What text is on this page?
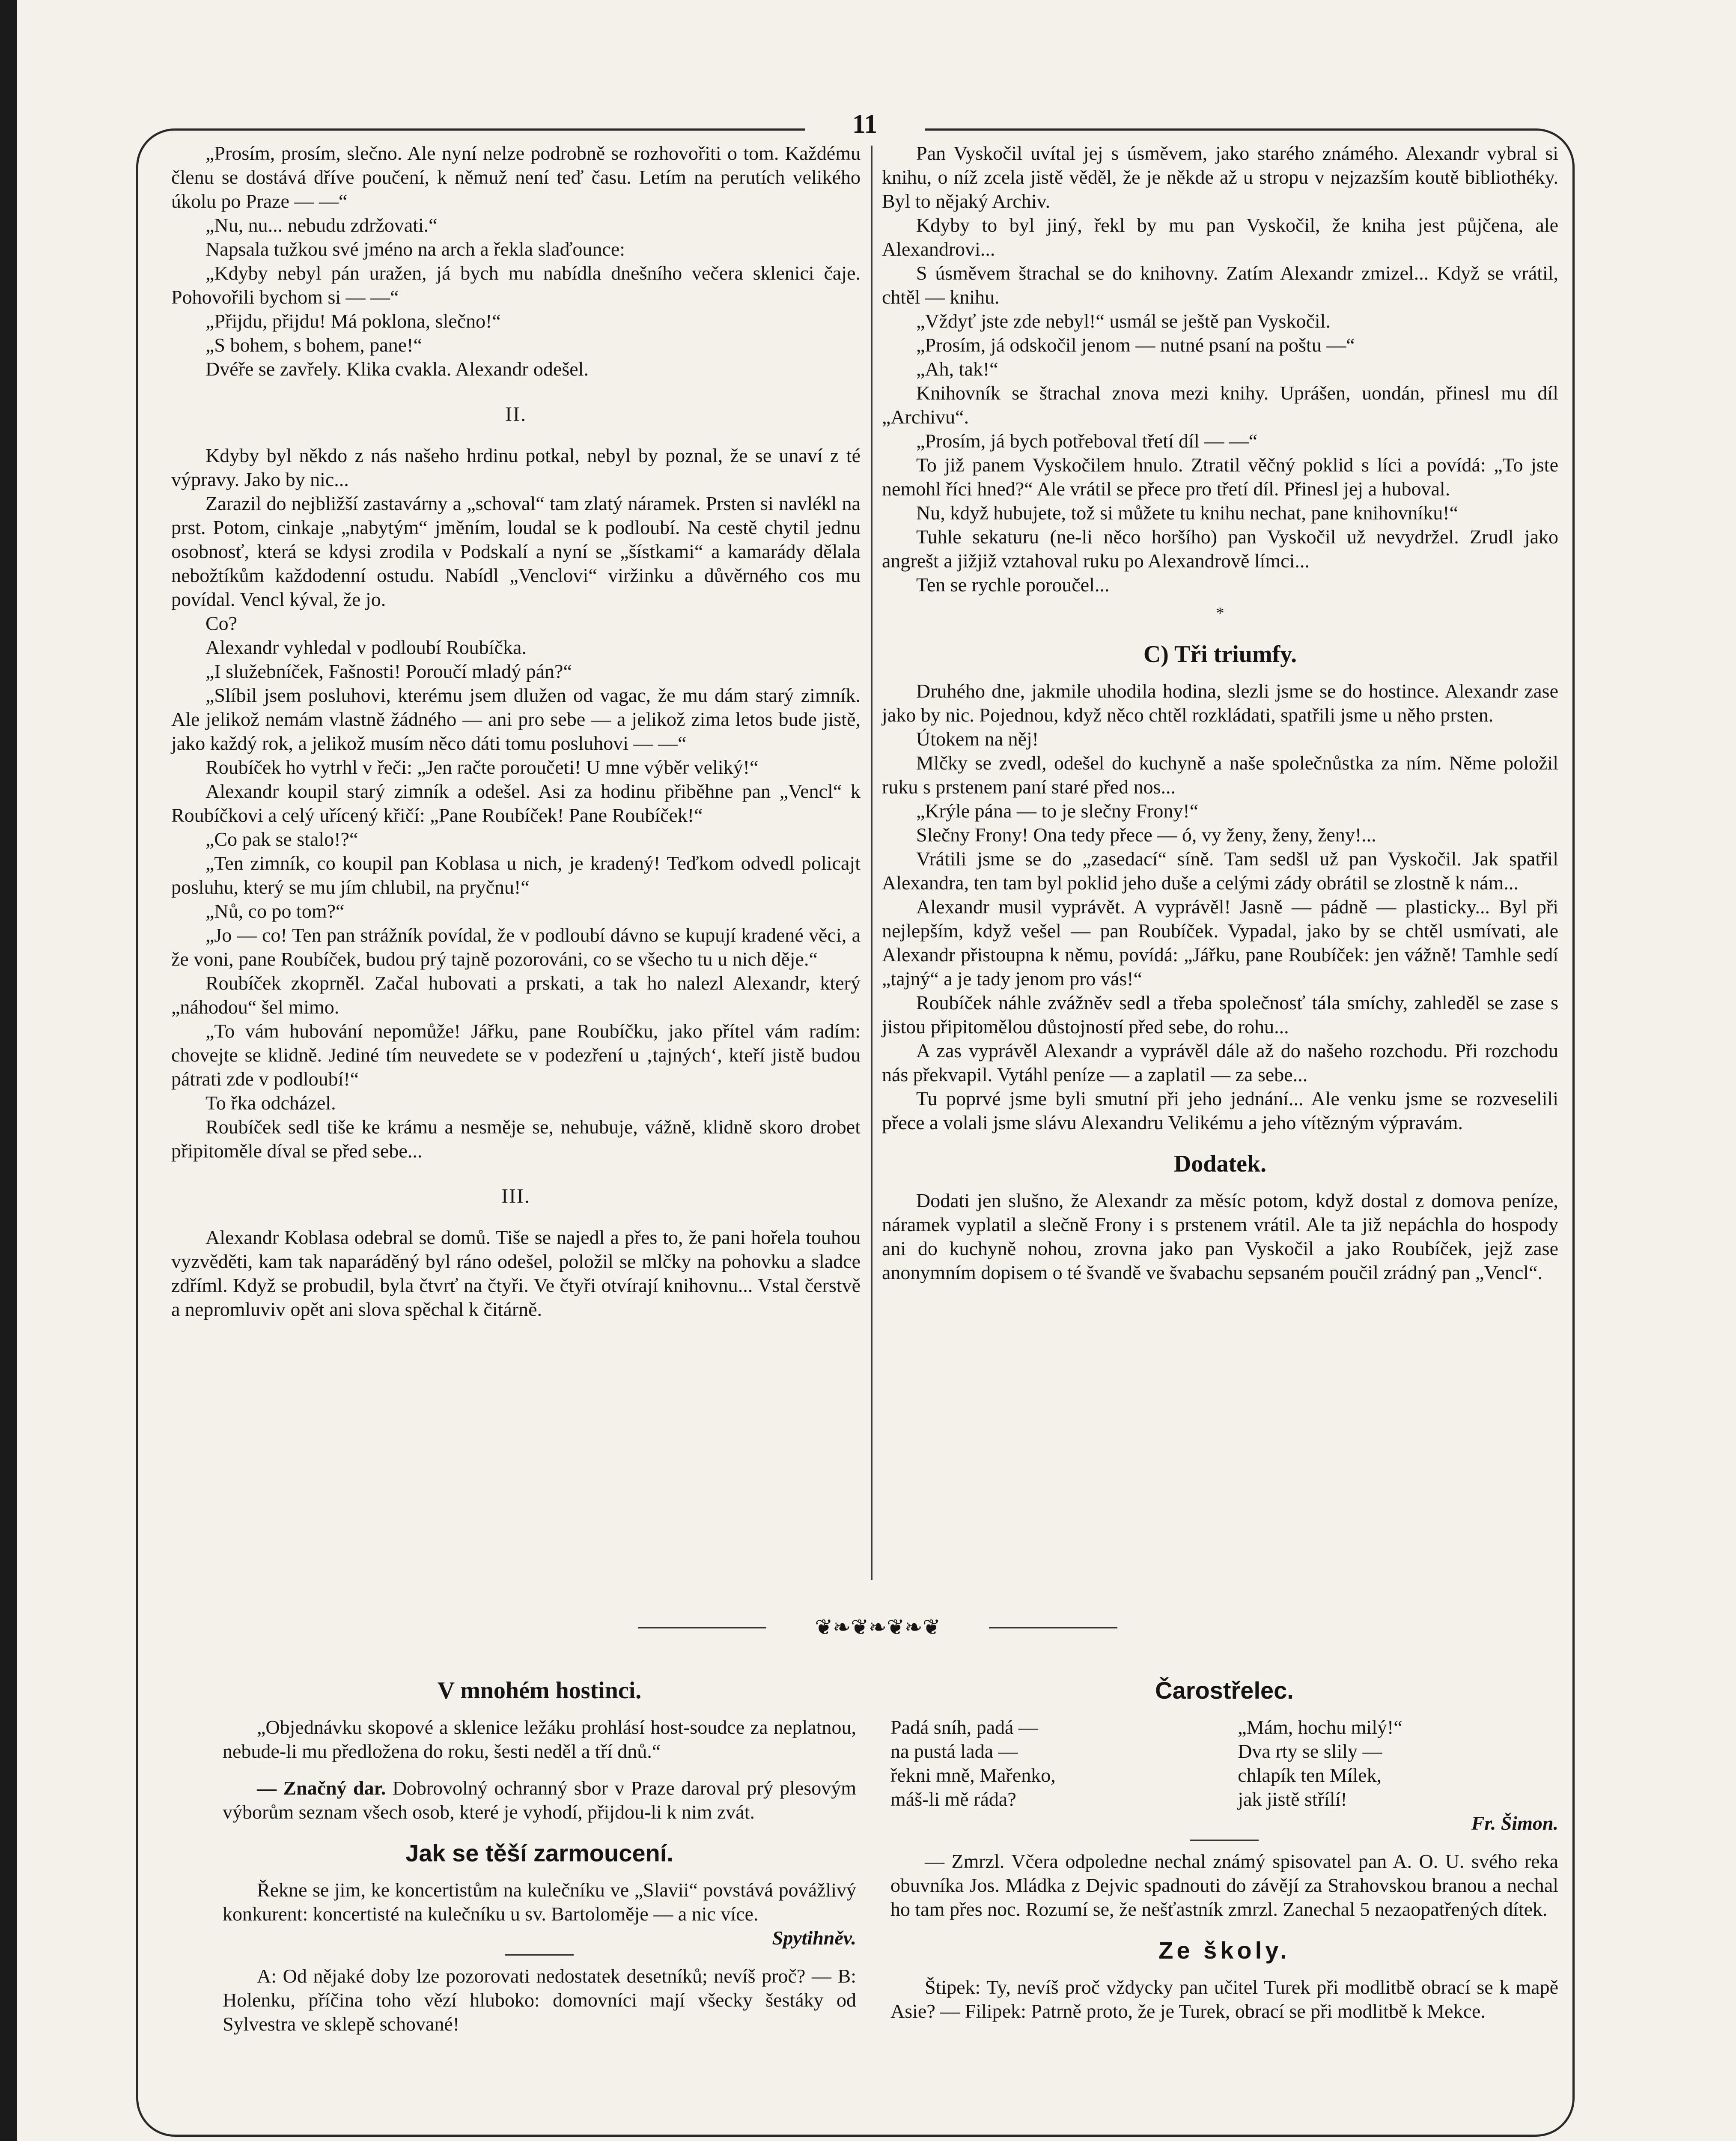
11

„Prosím, prosím, slečno. Ale nyní nelze podrobně se rozhovořiti o tom. Každému členu se dostává dříve poučení, k němuž není teď času. Letím na perutích velikého úkolu po Praze — —“

„Nu, nu... nebudu zdržovati.“

Napsala tužkou své jméno na arch a řekla slaďounce:

„Kdyby nebyl pán uražen, já bych mu nabídla dnešního večera sklenici čaje. Pohovořili bychom si — —“

„Přijdu, přijdu! Má poklona, slečno!“

„S bohem, s bohem, pane!“

Dvéře se zavřely. Klika cvakla. Alexandr odešel.

II.

Kdyby byl někdo z nás našeho hrdinu potkal, nebyl by poznal, že se unaví z té výpravy. Jako by nic...

Zarazil do nejbližší zastavárny a „schoval“ tam zlatý náramek. Prsten si navlékl na prst. Potom, cinkaje „nabytým“ jměním, loudal se k podloubí. Na cestě chytil jednu osobnosť, která se kdysi zrodila v Podskalí a nyní se „šístkami“ a kamarády dělala nebožtíkům každodenní ostudu. Nabídl „Venclovi“ viržinku a důvěrného cos mu povídal. Vencl kýval, že jo.

Co?

Alexandr vyhledal v podloubí Roubíčka.

„I služebníček, Fašnosti! Poroučí mladý pán?“

„Slíbil jsem posluhovi, kterému jsem dlužen od vagac, že mu dám starý zimník. Ale jelikož nemám vlastně žádného — ani pro sebe — a jelikož zima letos bude jistě, jako každý rok, a jelikož musím něco dáti tomu posluhovi — —“

Roubíček ho vytrhl v řeči: „Jen račte poroučeti! U mne výběr veliký!“

Alexandr koupil starý zimník a odešel. Asi za hodinu přiběhne pan „Vencl“ k Roubíčkovi a celý uřícený křičí: „Pane Roubíček! Pane Roubíček!“

„Co pak se stalo!?“

„Ten zimník, co koupil pan Koblasa u nich, je kradený! Teďkom odvedl policajt posluhu, který se mu jím chlubil, na pryčnu!“

„Nů, co po tom?“

„Jo — co! Ten pan strážník povídal, že v podloubí dávno se kupují kradené věci, a že voni, pane Roubíček, budou prý tajně pozorováni, co se všecho tu u nich děje.“

Roubíček zkoprněl. Začal hubovati a prskati, a tak ho nalezl Alexandr, který „náhodou“ šel mimo.

„To vám hubování nepomůže! Jářku, pane Roubíčku, jako přítel vám radím: chovejte se klidně. Jediné tím neuvedete se v podezření u ‚tajných‘, kteří jistě budou pátrati zde v podloubí!“

To řka odcházel.

Roubíček sedl tiše ke krámu a nesměje se, nehubuje, vážně, klidně skoro drobet připitoměle díval se před sebe...

III.

Alexandr Koblasa odebral se domů. Tiše se najedl a přes to, že pani hořela touhou vyzvěděti, kam tak naparáděný byl ráno odešel, položil se mlčky na pohovku a sladce zdříml. Když se probudil, byla čtvrť na čtyři. Ve čtyři otvírají knihovnu... Vstal čerstvě a nepromluviv opět ani slova spěchal k čitárně.

Pan Vyskočil uvítal jej s úsměvem, jako starého známého. Alexandr vybral si knihu, o níž zcela jistě věděl, že je někde až u stropu v nejzazším koutě bibliothéky. Byl to nějaký Archiv.

Kdyby to byl jiný, řekl by mu pan Vyskočil, že kniha jest půjčena, ale Alexandrovi...

S úsměvem štrachal se do knihovny. Zatím Alexandr zmizel... Když se vrátil, chtěl — knihu.

„Vždyť jste zde nebyl!“ usmál se ještě pan Vyskočil.

„Prosím, já odskočil jenom — nutné psaní na poštu —“

„Ah, tak!“

Knihovník se štrachal znova mezi knihy. Uprášen, uondán, přinesl mu díl „Archivu“.

„Prosím, já bych potřeboval třetí díl — —“

To již panem Vyskočilem hnulo. Ztratil věčný poklid s líci a povídá: „To jste nemohl říci hned?“ Ale vrátil se přece pro třetí díl. Přinesl jej a huboval.

Nu, když hubujete, tož si můžete tu knihu nechat, pane knihovníku!“

Tuhle sekaturu (ne-li něco horšího) pan Vyskočil už nevydržel. Zrudl jako angrešt a jižjiž vztahoval ruku po Alexandrově límci...

Ten se rychle poroučel...

*

C) Tři triumfy.

Druhého dne, jakmile uhodila hodina, slezli jsme se do hostince. Alexandr zase jako by nic. Pojednou, když něco chtěl rozkládati, spatřili jsme u něho prsten.

Útokem na něj!

Mlčky se zvedl, odešel do kuchyně a naše společnůstka za ním. Něme položil ruku s prstenem paní staré před nos...

„Krýle pána — to je slečny Frony!“

Slečny Frony! Ona tedy přece — ó, vy ženy, ženy, ženy!...

Vrátili jsme se do „zasedací“ síně. Tam sedšl už pan Vyskočil. Jak spatřil Alexandra, ten tam byl poklid jeho duše a celými zády obrátil se zlostně k nám...

Alexandr musil vyprávět. A vyprávěl! Jasně — pádně — plasticky... Byl při nejlepším, když vešel — pan Roubíček. Vypadal, jako by se chtěl usmívati, ale Alexandr přistoupna k němu, povídá: „Jářku, pane Roubíček: jen vážně! Tamhle sedí „tajný“ a je tady jenom pro vás!“

Roubíček náhle zvážněv sedl a třeba společnosť tála smíchy, zahleděl se zase s jistou připitomělou důstojností před sebe, do rohu...

A zas vyprávěl Alexandr a vyprávěl dále až do našeho rozchodu. Při rozchodu nás překvapil. Vytáhl peníze — a zaplatil — za sebe...

Tu poprvé jsme byli smutní při jeho jednání... Ale venku jsme se rozveselili přece a volali jsme slávu Alexandru Velikému a jeho vítězným výpravám.

Dodatek.

Dodati jen slušno, že Alexandr za měsíc potom, když dostal z domova peníze, náramek vyplatil a slečně Frony i s prstenem vrátil. Ale ta již nepáchla do hospody ani do kuchyně nohou, zrovna jako pan Vyskočil a jako Roubíček, jejž zase anonymním dopisem o té švandě ve švabachu sepsaném poučil zrádný pan „Vencl“.

❦❧❦❧❦❧❦

V mnohém hostinci.

„Objednávku skopové a sklenice ležáku prohlásí host-soudce za neplatnou, nebude-li mu předložena do roku, šesti neděl a tří dnů.“

— Značný dar. Dobrovolný ochranný sbor v Praze daroval prý plesovým výborům seznam všech osob, které je vyhodí, přijdou-li k nim zvát.

Jak se těší zarmoucení.

Řekne se jim, ke koncertistům na kulečníku ve „Slavii“ povstává povážlivý konkurent: koncertisté na kulečníku u sv. Bartoloměje — a nic více.

Spytihněv.

A: Od nějaké doby lze pozorovati nedostatek desetníků; nevíš proč? — B: Holenku, příčina toho vězí hluboko: domovníci mají všecky šestáky od Sylvestra ve sklepě schované!

Čarostřelec.

Padá sníh, padá —
na pustá lada —
řekni mně, Mařenko,
máš-li mě ráda?
„Mám, hochu milý!“
Dva rty se slily —
chlapík ten Mílek,
jak jistě střílí!

Fr. Šimon.

— Zmrzl. Včera odpoledne nechal známý spisovatel pan A. O. U. svého reka obuvníka Jos. Mládka z Dejvic spadnouti do závějí za Strahovskou branou a nechal ho tam přes noc. Rozumí se, že nešťastník zmrzl. Zanechal 5 nezaopatřených dítek.

Ze školy.

Štipek: Ty, nevíš proč vždycky pan učitel Turek při modlitbě obrací se k mapě Asie? — Filipek: Patrně proto, že je Turek, obrací se při modlitbě k Mekce.
